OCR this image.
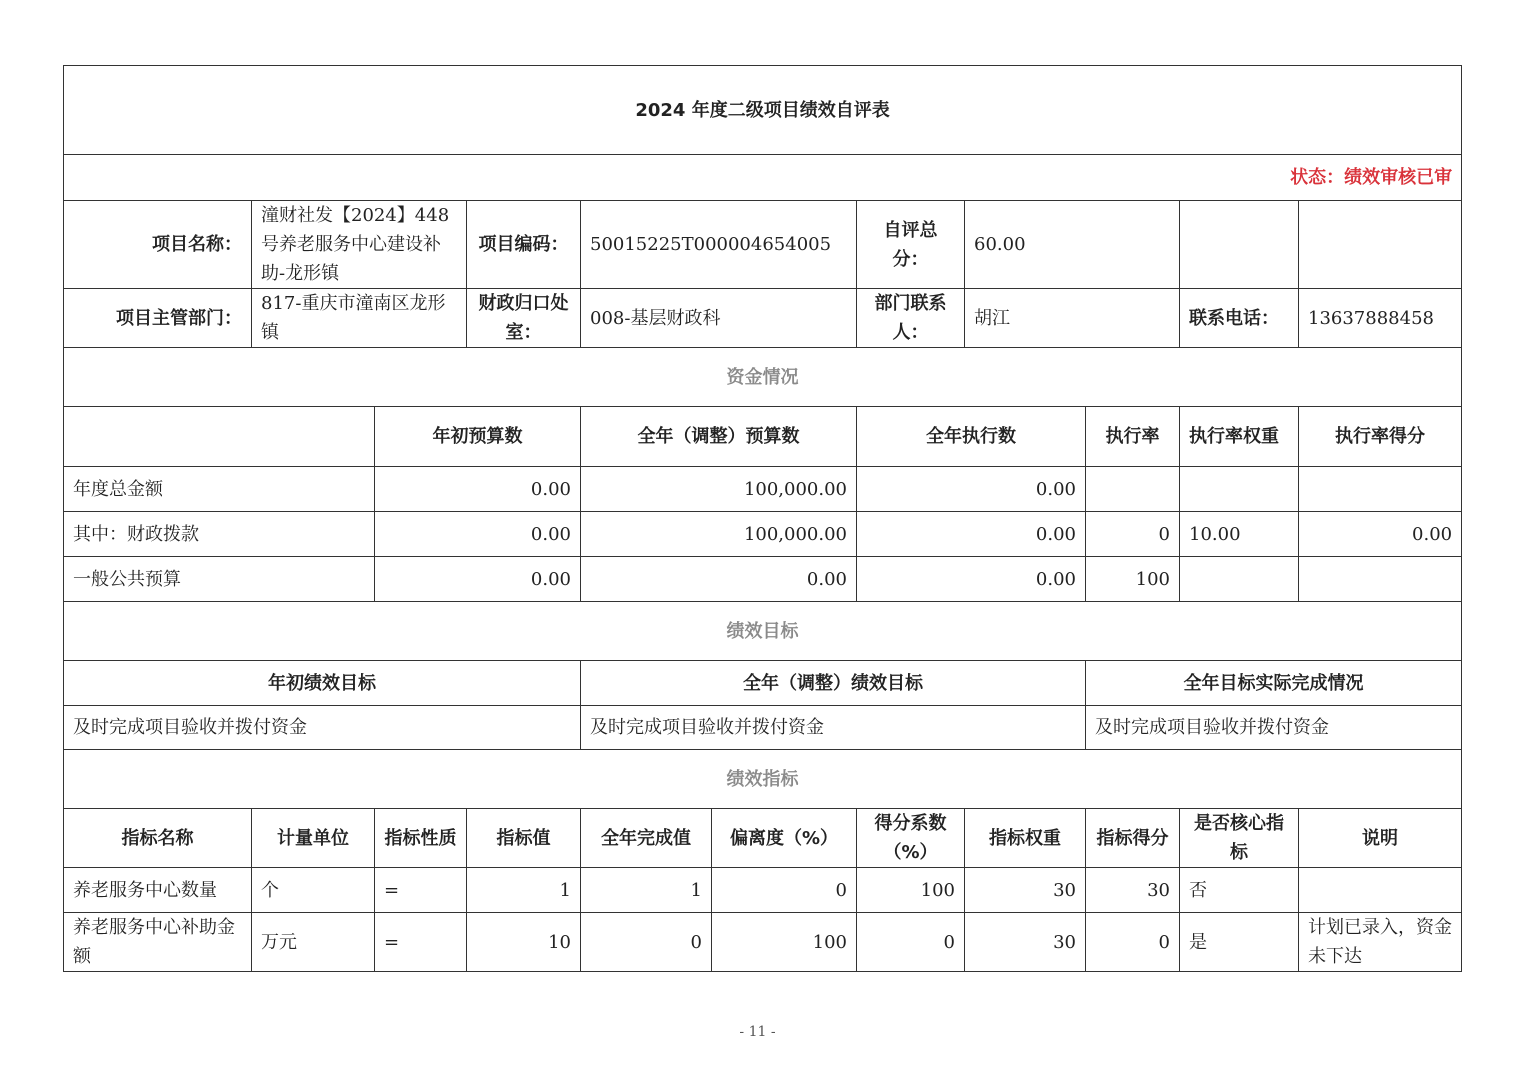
2024 年度二级项目绩效自评表										
状态：绩效审核已审										
项目名称：	潼财社发【2024】448号养老服务中心建设补助-龙形镇		项目编码：	50015225T000004654005		自评总分：	60.00			
项目主管部门：	817-重庆市潼南区龙形镇		财政归口处室：	008-基层财政科		部门联系人：	胡江		联系电话：	13637888458
资金情况										
		年初预算数		全年（调整）预算数		全年执行数		执行率	执行率权重	执行率得分
年度总金额		0.00		100,000.00		0.00				
其中：财政拨款		0.00		100,000.00		0.00		0	10.00	0.00
一般公共预算		0.00		0.00		0.00		100		
绩效目标										
年初绩效目标				全年（调整）绩效目标				全年目标实际完成情况		
及时完成项目验收并拨付资金				及时完成项目验收并拨付资金				及时完成项目验收并拨付资金		
绩效指标										
指标名称	计量单位	指标性质	指标值	全年完成值	偏离度（%）	得分系数（%）	指标权重	指标得分	是否核心指标	说明
养老服务中心数量	个	=	1	1	0	100	30	30	否	
养老服务中心补助金额	万元	=	10	0	100	0	30	0	是	计划已录入，资金未下达
- 11 -
